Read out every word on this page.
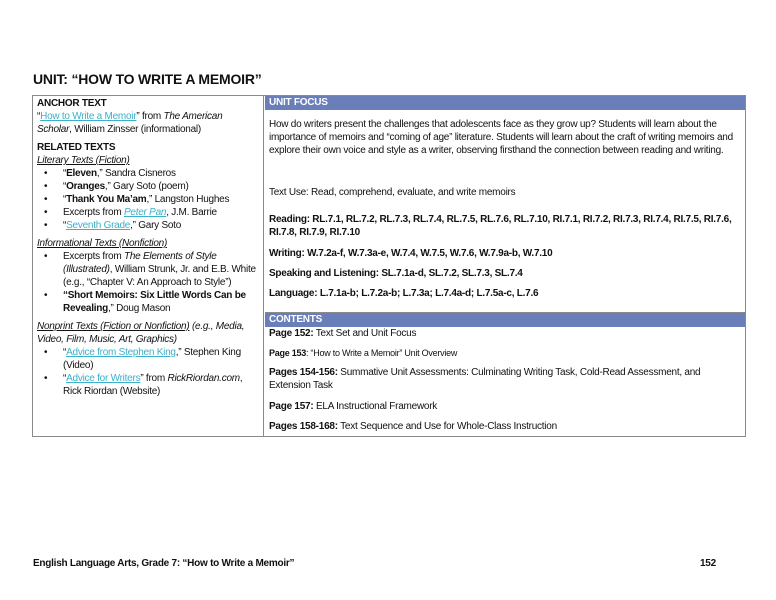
UNIT: “HOW TO WRITE A MEMOIR”
ANCHOR TEXT
“How to Write a Memoir” from The American Scholar, William Zinsser (informational)
RELATED TEXTS
Literary Texts (Fiction)
• “Eleven,” Sandra Cisneros
• “Oranges,” Gary Soto (poem)
• “Thank You Ma’am,” Langston Hughes
• Excerpts from Peter Pan, J.M. Barrie
• “Seventh Grade,” Gary Soto
Informational Texts (Nonfiction)
• Excerpts from The Elements of Style (Illustrated), William Strunk, Jr. and E.B. White (e.g., “Chapter V: An Approach to Style”)
• “Short Memoirs: Six Little Words Can be Revealing,” Doug Mason
Nonprint Texts (Fiction or Nonfiction) (e.g., Media, Video, Film, Music, Art, Graphics)
• “Advice from Stephen King,” Stephen King (Video)
• “Advice for Writers” from RickRiordan.com, Rick Riordan (Website)
UNIT FOCUS
How do writers present the challenges that adolescents face as they grow up? Students will learn about the importance of memoirs and “coming of age” literature. Students will learn about the craft of writing memoirs and explore their own voice and style as a writer, observing firsthand the connection between reading and writing.
Text Use: Read, comprehend, evaluate, and write memoirs
Reading: RL.7.1, RL.7.2, RL.7.3, RL.7.4, RL.7.5, RL.7.6, RL.7.10, RI.7.1, RI.7.2, RI.7.3, RI.7.4, RI.7.5, RI.7.6, RI.7.8, RI.7.9, RI.7.10
Writing: W.7.2a-f, W.7.3a-e, W.7.4, W.7.5, W.7.6, W.7.9a-b, W.7.10
Speaking and Listening: SL.7.1a-d, SL.7.2, SL.7.3, SL.7.4
Language: L.7.1a-b; L.7.2a-b; L.7.3a; L.7.4a-d; L.7.5a-c, L.7.6
CONTENTS
Page 152: Text Set and Unit Focus
Page 153: “How to Write a Memoir” Unit Overview
Pages 154-156: Summative Unit Assessments: Culminating Writing Task, Cold-Read Assessment, and Extension Task
Page 157: ELA Instructional Framework
Pages 158-168: Text Sequence and Use for Whole-Class Instruction
English Language Arts, Grade 7: “How to Write a Memoir”	152
